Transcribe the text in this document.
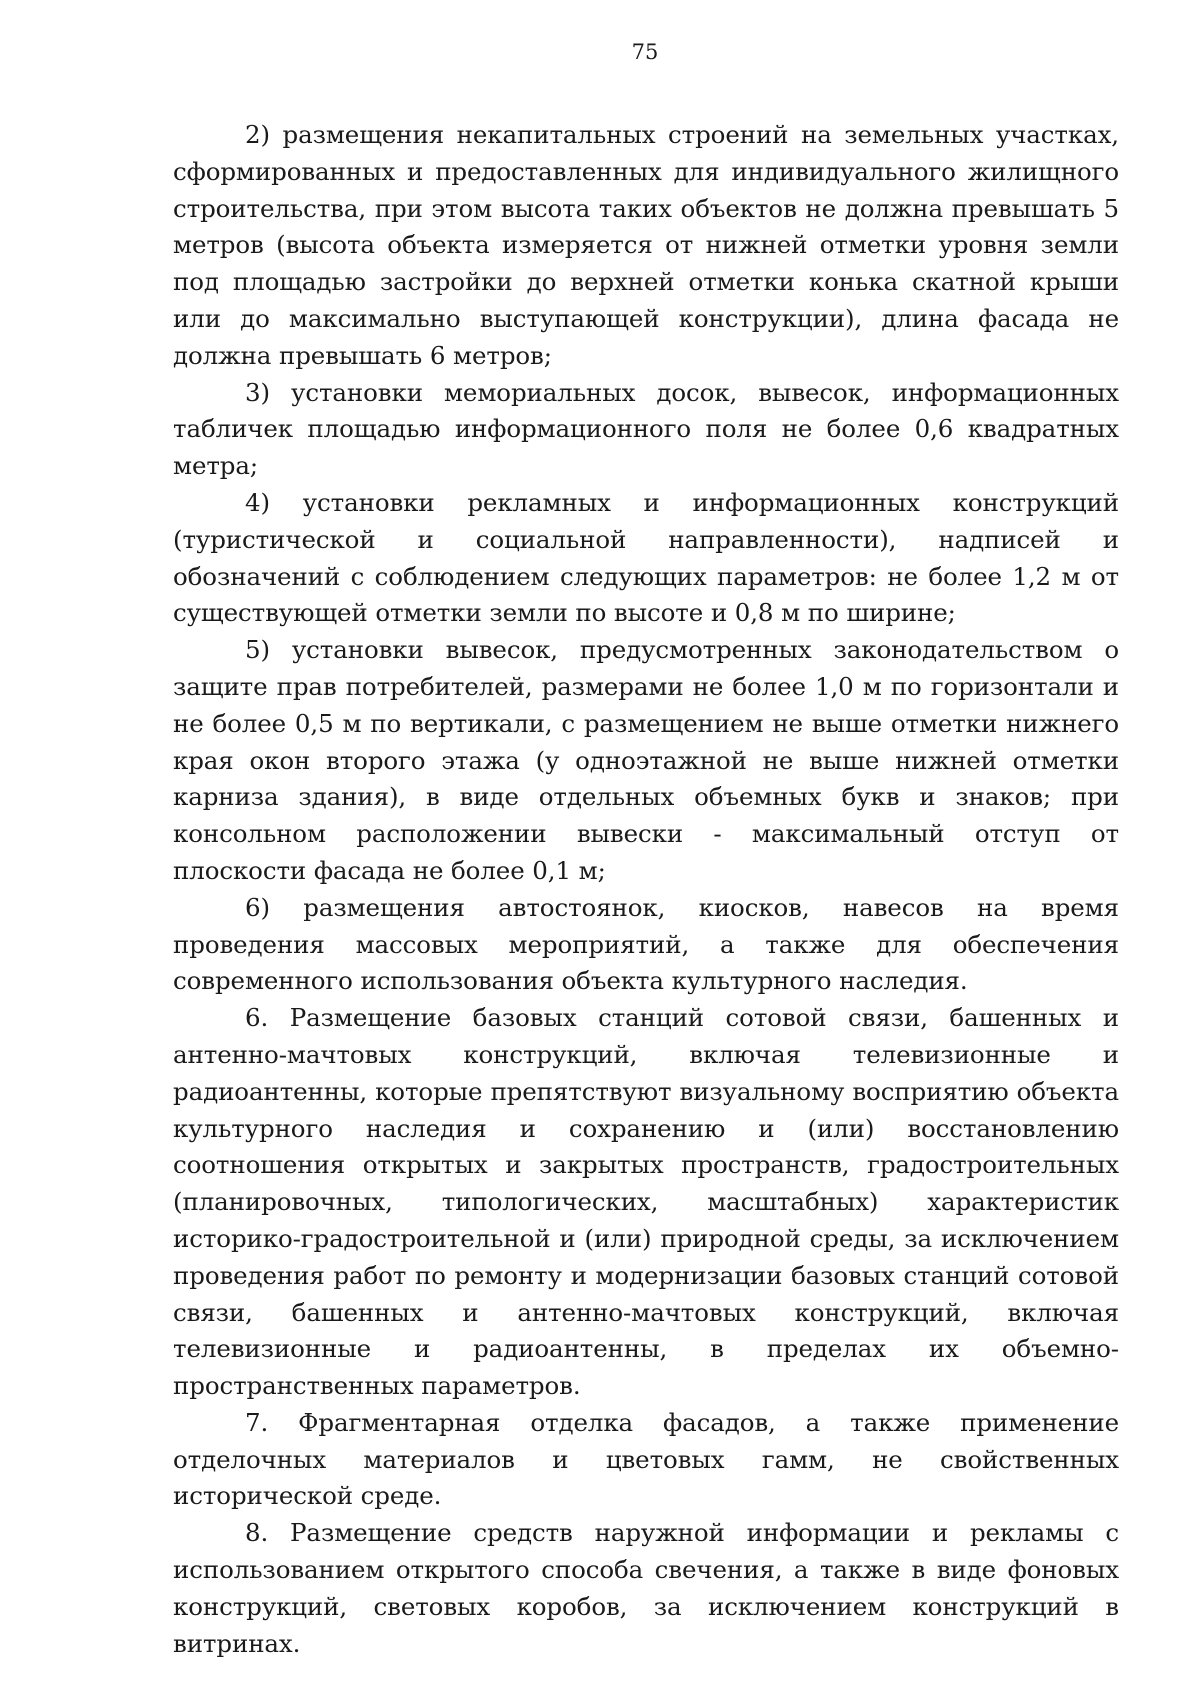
75

2) размещения некапитальных строений на земельных участках, сформированных и предоставленных для индивидуального жилищного строительства, при этом высота таких объектов не должна превышать 5 метров (высота объекта измеряется от нижней отметки уровня земли под площадью застройки до верхней отметки конька скатной крыши или до максимально выступающей конструкции), длина фасада не должна превышать 6 метров;

3) установки мемориальных досок, вывесок, информационных табличек площадью информационного поля не более 0,6 квадратных метра;

4) установки рекламных и информационных конструкций (туристической и социальной направленности), надписей и обозначений с соблюдением следующих параметров: не более 1,2 м от существующей отметки земли по высоте и 0,8 м по ширине;

5) установки вывесок, предусмотренных законодательством о защите прав потребителей, размерами не более 1,0 м по горизонтали и не более 0,5 м по вертикали, с размещением не выше отметки нижнего края окон второго этажа (у одноэтажной не выше нижней отметки карниза здания), в виде отдельных объемных букв и знаков; при консольном расположении вывески - максимальный отступ от плоскости фасада не более 0,1 м;

6) размещения автостоянок, киосков, навесов на время проведения массовых мероприятий, а также для обеспечения современного использования объекта культурного наследия.

6. Размещение базовых станций сотовой связи, башенных и антенно-мачтовых конструкций, включая телевизионные и радиоантенны, которые препятствуют визуальному восприятию объекта культурного наследия и сохранению и (или) восстановлению соотношения открытых и закрытых пространств, градостроительных (планировочных, типологических, масштабных) характеристик историко-градостроительной и (или) природной среды, за исключением проведения работ по ремонту и модернизации базовых станций сотовой связи, башенных и антенно-мачтовых конструкций, включая телевизионные и радиоантенны, в пределах их объемно-пространственных параметров.

7. Фрагментарная отделка фасадов, а также применение отделочных материалов и цветовых гамм, не свойственных исторической среде.

8. Размещение средств наружной информации и рекламы с использованием открытого способа свечения, а также в виде фоновых конструкций, световых коробов, за исключением конструкций в витринах.
